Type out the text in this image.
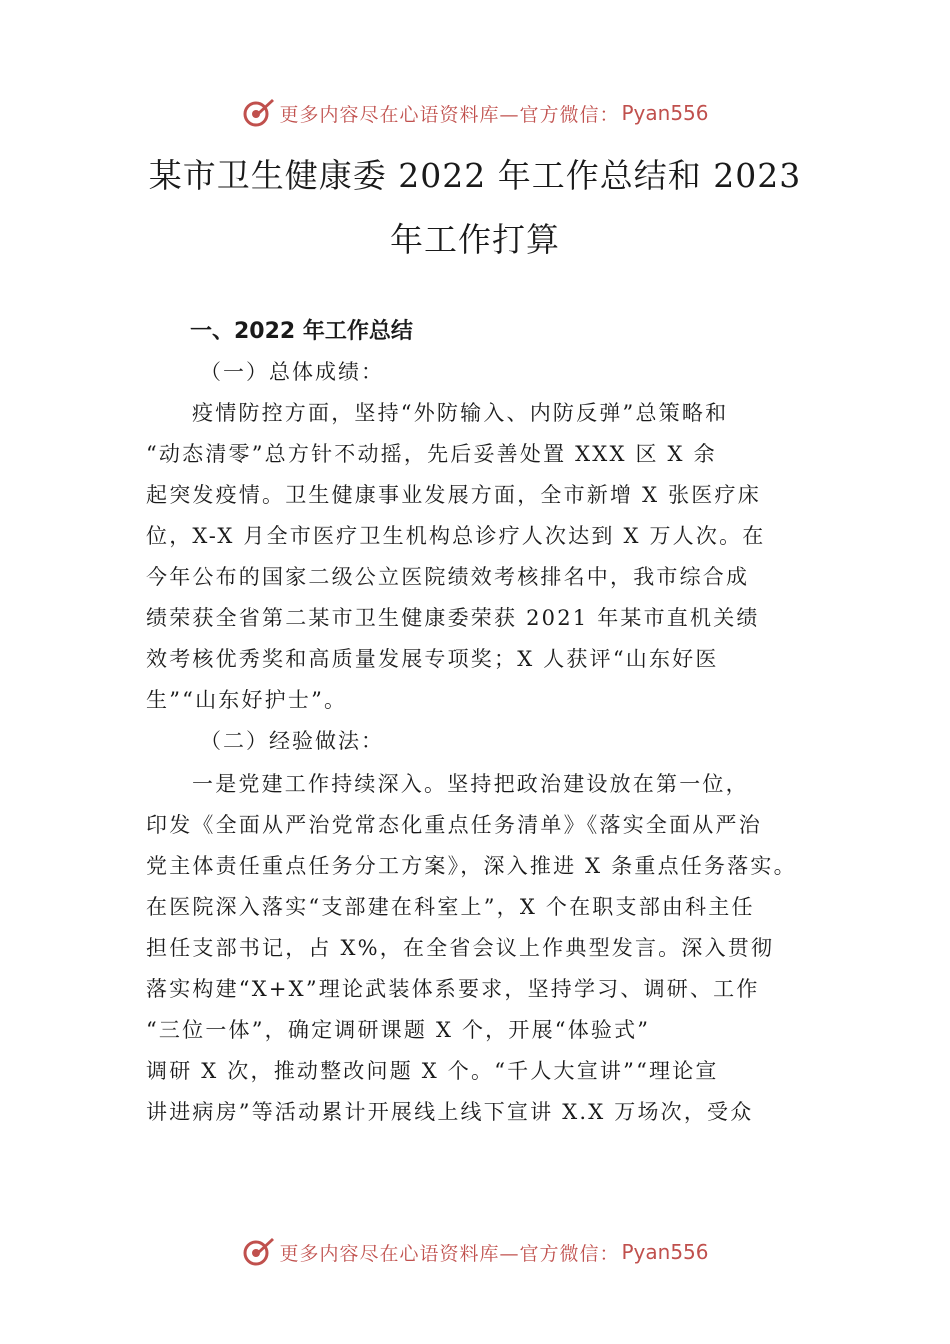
更多内容尽在心语资料库—官方微信： Pyan556
某市卫生健康委 2022 年工作总结和 2023
年工作打算
一、2022 年工作总结
（一）总体成绩：
疫情防控方面，坚持“外防输入、内防反弹”总策略和
“动态清零”总方针不动摇，先后妥善处置 XXX 区 X 余
起突发疫情。卫生健康事业发展方面，全市新增 X 张医疗床
位，X-X 月全市医疗卫生机构总诊疗人次达到 X 万人次。在
今年公布的国家二级公立医院绩效考核排名中，我市综合成
绩荣获全省第二某市卫生健康委荣获 2021 年某市直机关绩
效考核优秀奖和高质量发展专项奖；X 人获评“山东好医
生”“山东好护士”。
（二）经验做法：
一是党建工作持续深入。坚持把政治建设放在第一位，
印发《全面从严治党常态化重点任务清单》《落实全面从严治
党主体责任重点任务分工方案》，深入推进 X 条重点任务落实。
在医院深入落实“支部建在科室上”，X 个在职支部由科主任
担任支部书记，占 X%，在全省会议上作典型发言。深入贯彻
落实构建“X+X”理论武装体系要求，坚持学习、调研、工作
“三位一体”，确定调研课题 X 个，开展“体验式”
调研 X 次，推动整改问题 X 个。“千人大宣讲”“理论宣
讲进病房”等活动累计开展线上线下宣讲 X.X 万场次，受众
更多内容尽在心语资料库—官方微信： Pyan556
